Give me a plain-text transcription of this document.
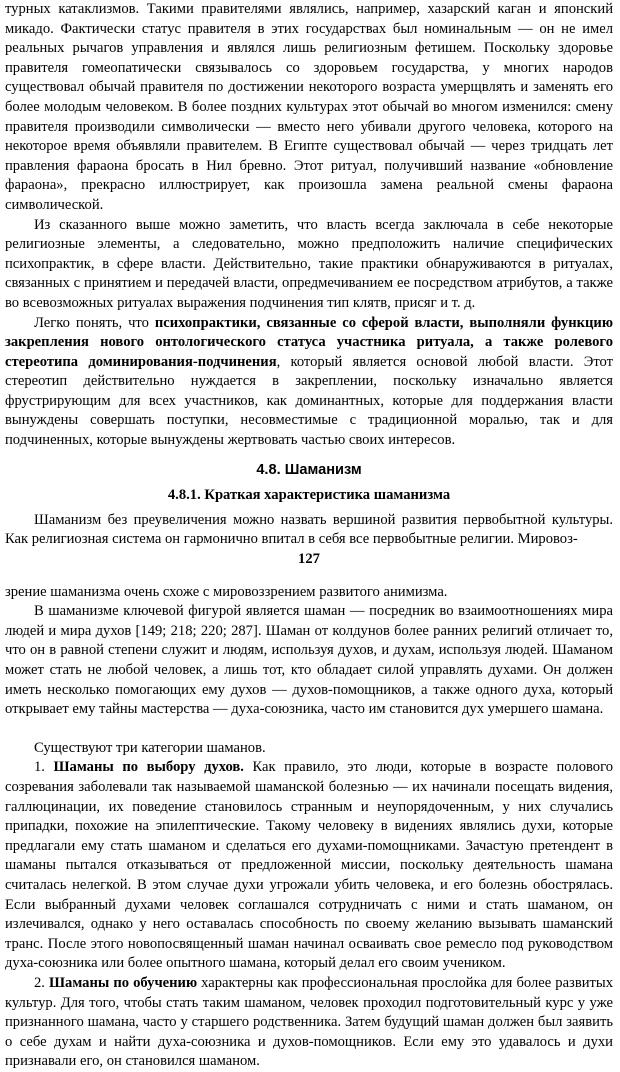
турных катаклизмов. Такими правителями являлись, например, хазарский каган и японский микадо. Фактически статус правителя в этих государствах был номинальным — он не имел реальных рычагов управления и являлся лишь религиозным фетишем. Поскольку здоровье правителя гомеопатически связывалось со здоровьем государства, у многих народов существовал обычай правителя по достижении некоторого возраста умерщвлять и заменять его более молодым человеком. В более поздних культурах этот обычай во многом изменился: смену правителя производили символически — вместо него убивали другого человека, которого на некоторое время объявляли правителем. В Египте существовал обычай — через тридцать лет правления фараона бросать в Нил бревно. Этот ритуал, получивший название «обновление фараона», прекрасно иллюстрирует, как произошла замена реальной смены фараона символической.

Из сказанного выше можно заметить, что власть всегда заключала в себе некоторые религиозные элементы, а следовательно, можно предположить наличие специфических психопрактик, в сфере власти. Действительно, такие практики обнаруживаются в ритуалах, связанных с принятием и передачей власти, опредмечиванием ее посредством атрибутов, а также во всевозможных ритуалах выражения подчинения тип клятв, присяг и т. д.

Легко понять, что психопрактики, связанные со сферой власти, выполняли функцию закрепления нового онтологического статуса участника ритуала, а также ролевого стереотипа доминирования-подчинения, который является основой любой власти. Этот стереотип действительно нуждается в закреплении, поскольку изначально является фрустрирующим для всех участников, как доминантных, которые для поддержания власти вынуждены совершать поступки, несовместимые с традиционной моралью, так и для подчиненных, которые вынуждены жертвовать частью своих интересов.

4.8. Шаманизм
4.8.1. Краткая характеристика шаманизма

Шаманизм без преувеличения можно назвать вершиной развития первобытной культуры. Как религиозная система он гармонично впитал в себя все первобытные религии. Мировоз-

127

зрение шаманизма очень схоже с мировоззрением развитого анимизма.

В шаманизме ключевой фигурой является шаман — посредник во взаимоотношениях мира людей и мира духов [149; 218; 220; 287]. Шаман от колдунов более ранних религий отличает то, что он в равной степени служит и людям, используя духов, и духам, используя людей. Шаманом может стать не любой человек, а лишь тот, кто обладает силой управлять духами. Он должен иметь несколько помогающих ему духов — духов-помощников, а также одного духа, который открывает ему тайны мастерства — духа-союзника, часто им становится дух умершего шамана.

Существуют три категории шаманов.

1. Шаманы по выбору духов. Как правило, это люди, которые в возрасте полового созревания заболевали так называемой шаманской болезнью — их начинали посещать видения, галлюцинации, их поведение становилось странным и неупорядоченным, у них случались припадки, похожие на эпилептические. Такому человеку в видениях являлись духи, которые предлагали ему стать шаманом и сделаться его духами-помощниками. Зачастую претендент в шаманы пытался отказываться от предложенной миссии, поскольку деятельность шамана считалась нелегкой. В этом случае духи угрожали убить человека, и его болезнь обострялась. Если выбранный духами человек соглашался сотрудничать с ними и стать шаманом, он излечивался, однако у него оставалась способность по своему желанию вызывать шаманский транс. После этого новопосвященный шаман начинал осваивать свое ремесло под руководством духа-союзника или более опытного шамана, который делал его своим учеником.

2. Шаманы по обучению характерны как профессиональная прослойка для более развитых культур. Для того, чтобы стать таким шаманом, человек проходил подготовительный курс у уже признанного шамана, часто у старшего родственника. Затем будущий шаман должен был заявить о себе духам и найти духа-союзника и духов-помощников. Если ему это удавалось и духи признавали его, он становился шаманом.
